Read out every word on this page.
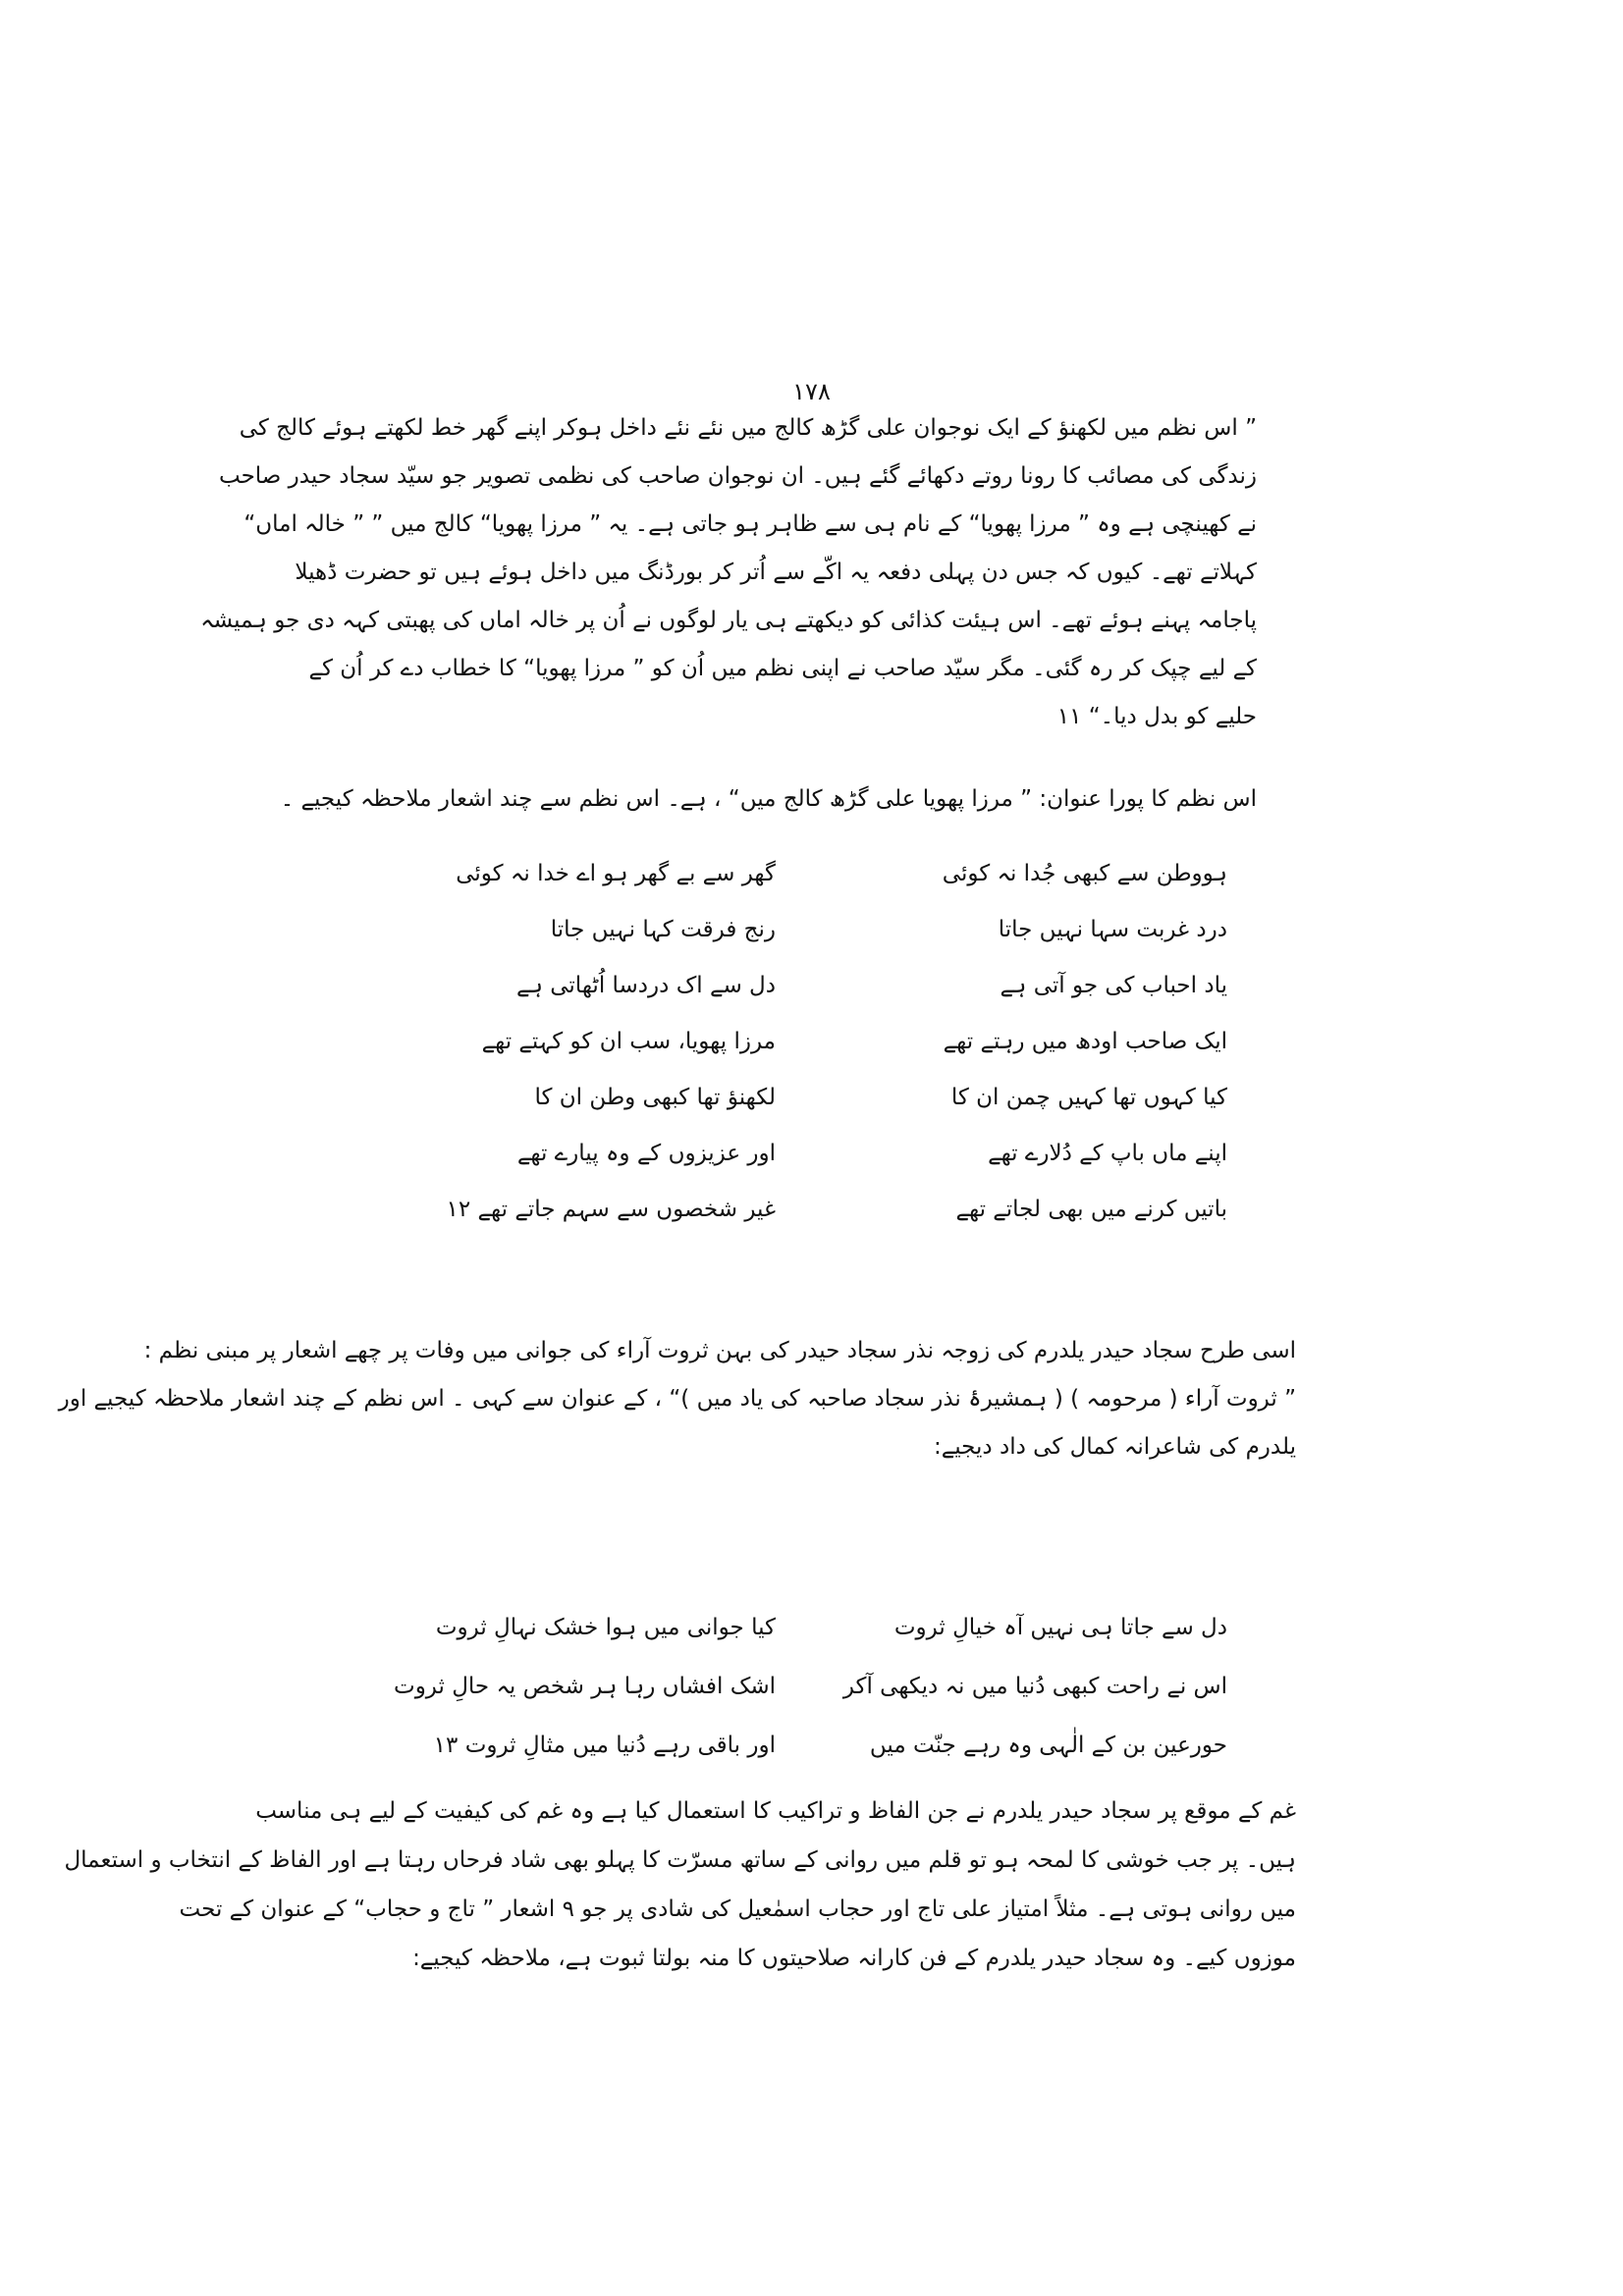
۱۷۸
” اس نظم میں لکھنؤ کے ایک نوجوان علی گڑھ کالج میں نئے نئے داخل ہوکر اپنے گھر خط لکھتے ہوئے کالج کی
زندگی کی مصائب کا رونا روتے دکھائے گئے ہیں۔ ان نوجوان صاحب کی نظمی تصویر جو سیّد سجاد حیدر صاحب
نے کھینچی ہے وہ ” مرزا پھویا“ کے نام ہی سے ظاہر ہو جاتی ہے۔ یہ ” مرزا پھویا“ کالج میں ” ” خالہ اماں“
کہلاتے تھے۔ کیوں کہ جس دن پہلی دفعہ یہ اکّے سے اُتر کر بورڈنگ میں داخل ہوئے ہیں تو حضرت ڈھیلا
پاجامہ پہنے ہوئے تھے۔ اس ہیئت کذائی کو دیکھتے ہی یار لوگوں نے اُن پر خالہ اماں کی پھبتی کہہ دی جو ہمیشہ
کے لیے چپک کر رہ گئی۔ مگر سیّد صاحب نے اپنی نظم میں اُن کو ” مرزا پھویا“ کا خطاب دے کر اُن کے
حلیے کو بدل دیا۔“ ۱۱
اس نظم کا پورا عنوان: ” مرزا پھویا علی گڑھ کالج میں“ ، ہے۔ اس نظم سے چند اشعار ملاحظہ کیجیے ۔
ہووطن سے کبھی جُدا نہ کوئی
گھر سے بے گھر ہو اے خدا نہ کوئی
درد غربت سہا نہیں جاتا
رنج فرقت کہا نہیں جاتا
یاد احباب کی جو آتی ہے
دل سے اک دردسا اُٹھاتی ہے
ایک صاحب اودھ میں رہتے تھے
مرزا پھویا، سب ان کو کہتے تھے
کیا کہوں تھا کہیں چمن ان کا
لکھنؤ تھا کبھی وطن ان کا
اپنے ماں باپ کے دُلارے تھے
اور عزیزوں کے وہ پیارے تھے
باتیں کرنے میں بھی لجاتے تھے
غیر شخصوں سے سہم جاتے تھے ۱۲
اسی طرح سجاد حیدر یلدرم کی زوجہ نذر سجاد حیدر کی بہن ثروت آراء کی جوانی میں وفات پر چھے اشعار پر مبنی نظم :
” ثروت آراء ( مرحومہ ) ( ہمشیرۂ نذر سجاد صاحبہ کی یاد میں )“ ، کے عنوان سے کہی ۔ اس نظم کے چند اشعار ملاحظہ کیجیے اور
یلدرم کی شاعرانہ کمال کی داد دیجیے:
دل سے جاتا ہی نہیں آہ خیالِ ثروت
کیا جوانی میں ہوا خشک نہالِ ثروت
اس نے راحت کبھی دُنیا میں نہ دیکھی آکر
اشک افشاں رہا ہر شخص یہ حالِ ثروت
حورعین بن کے الٰہی وہ رہے جنّت میں
اور باقی رہے دُنیا میں مثالِ ثروت ۱۳
غم کے موقع پر سجاد حیدر یلدرم نے جن الفاظ و تراکیب کا استعمال کیا ہے وہ غم کی کیفیت کے لیے ہی مناسب
ہیں۔ پر جب خوشی کا لمحہ ہو تو قلم میں روانی کے ساتھ مسرّت کا پہلو بھی شاد فرحاں رہتا ہے اور الفاظ کے انتخاب و استعمال
میں روانی ہوتی ہے۔ مثلاً امتیاز علی تاج اور حجاب اسمٰعیل کی شادی پر جو ۹ اشعار ” تاج و حجاب“ کے عنوان کے تحت
موزوں کیے۔ وہ سجاد حیدر یلدرم کے فن کارانہ صلاحیتوں کا منہ بولتا ثبوت ہے، ملاحظہ کیجیے:
